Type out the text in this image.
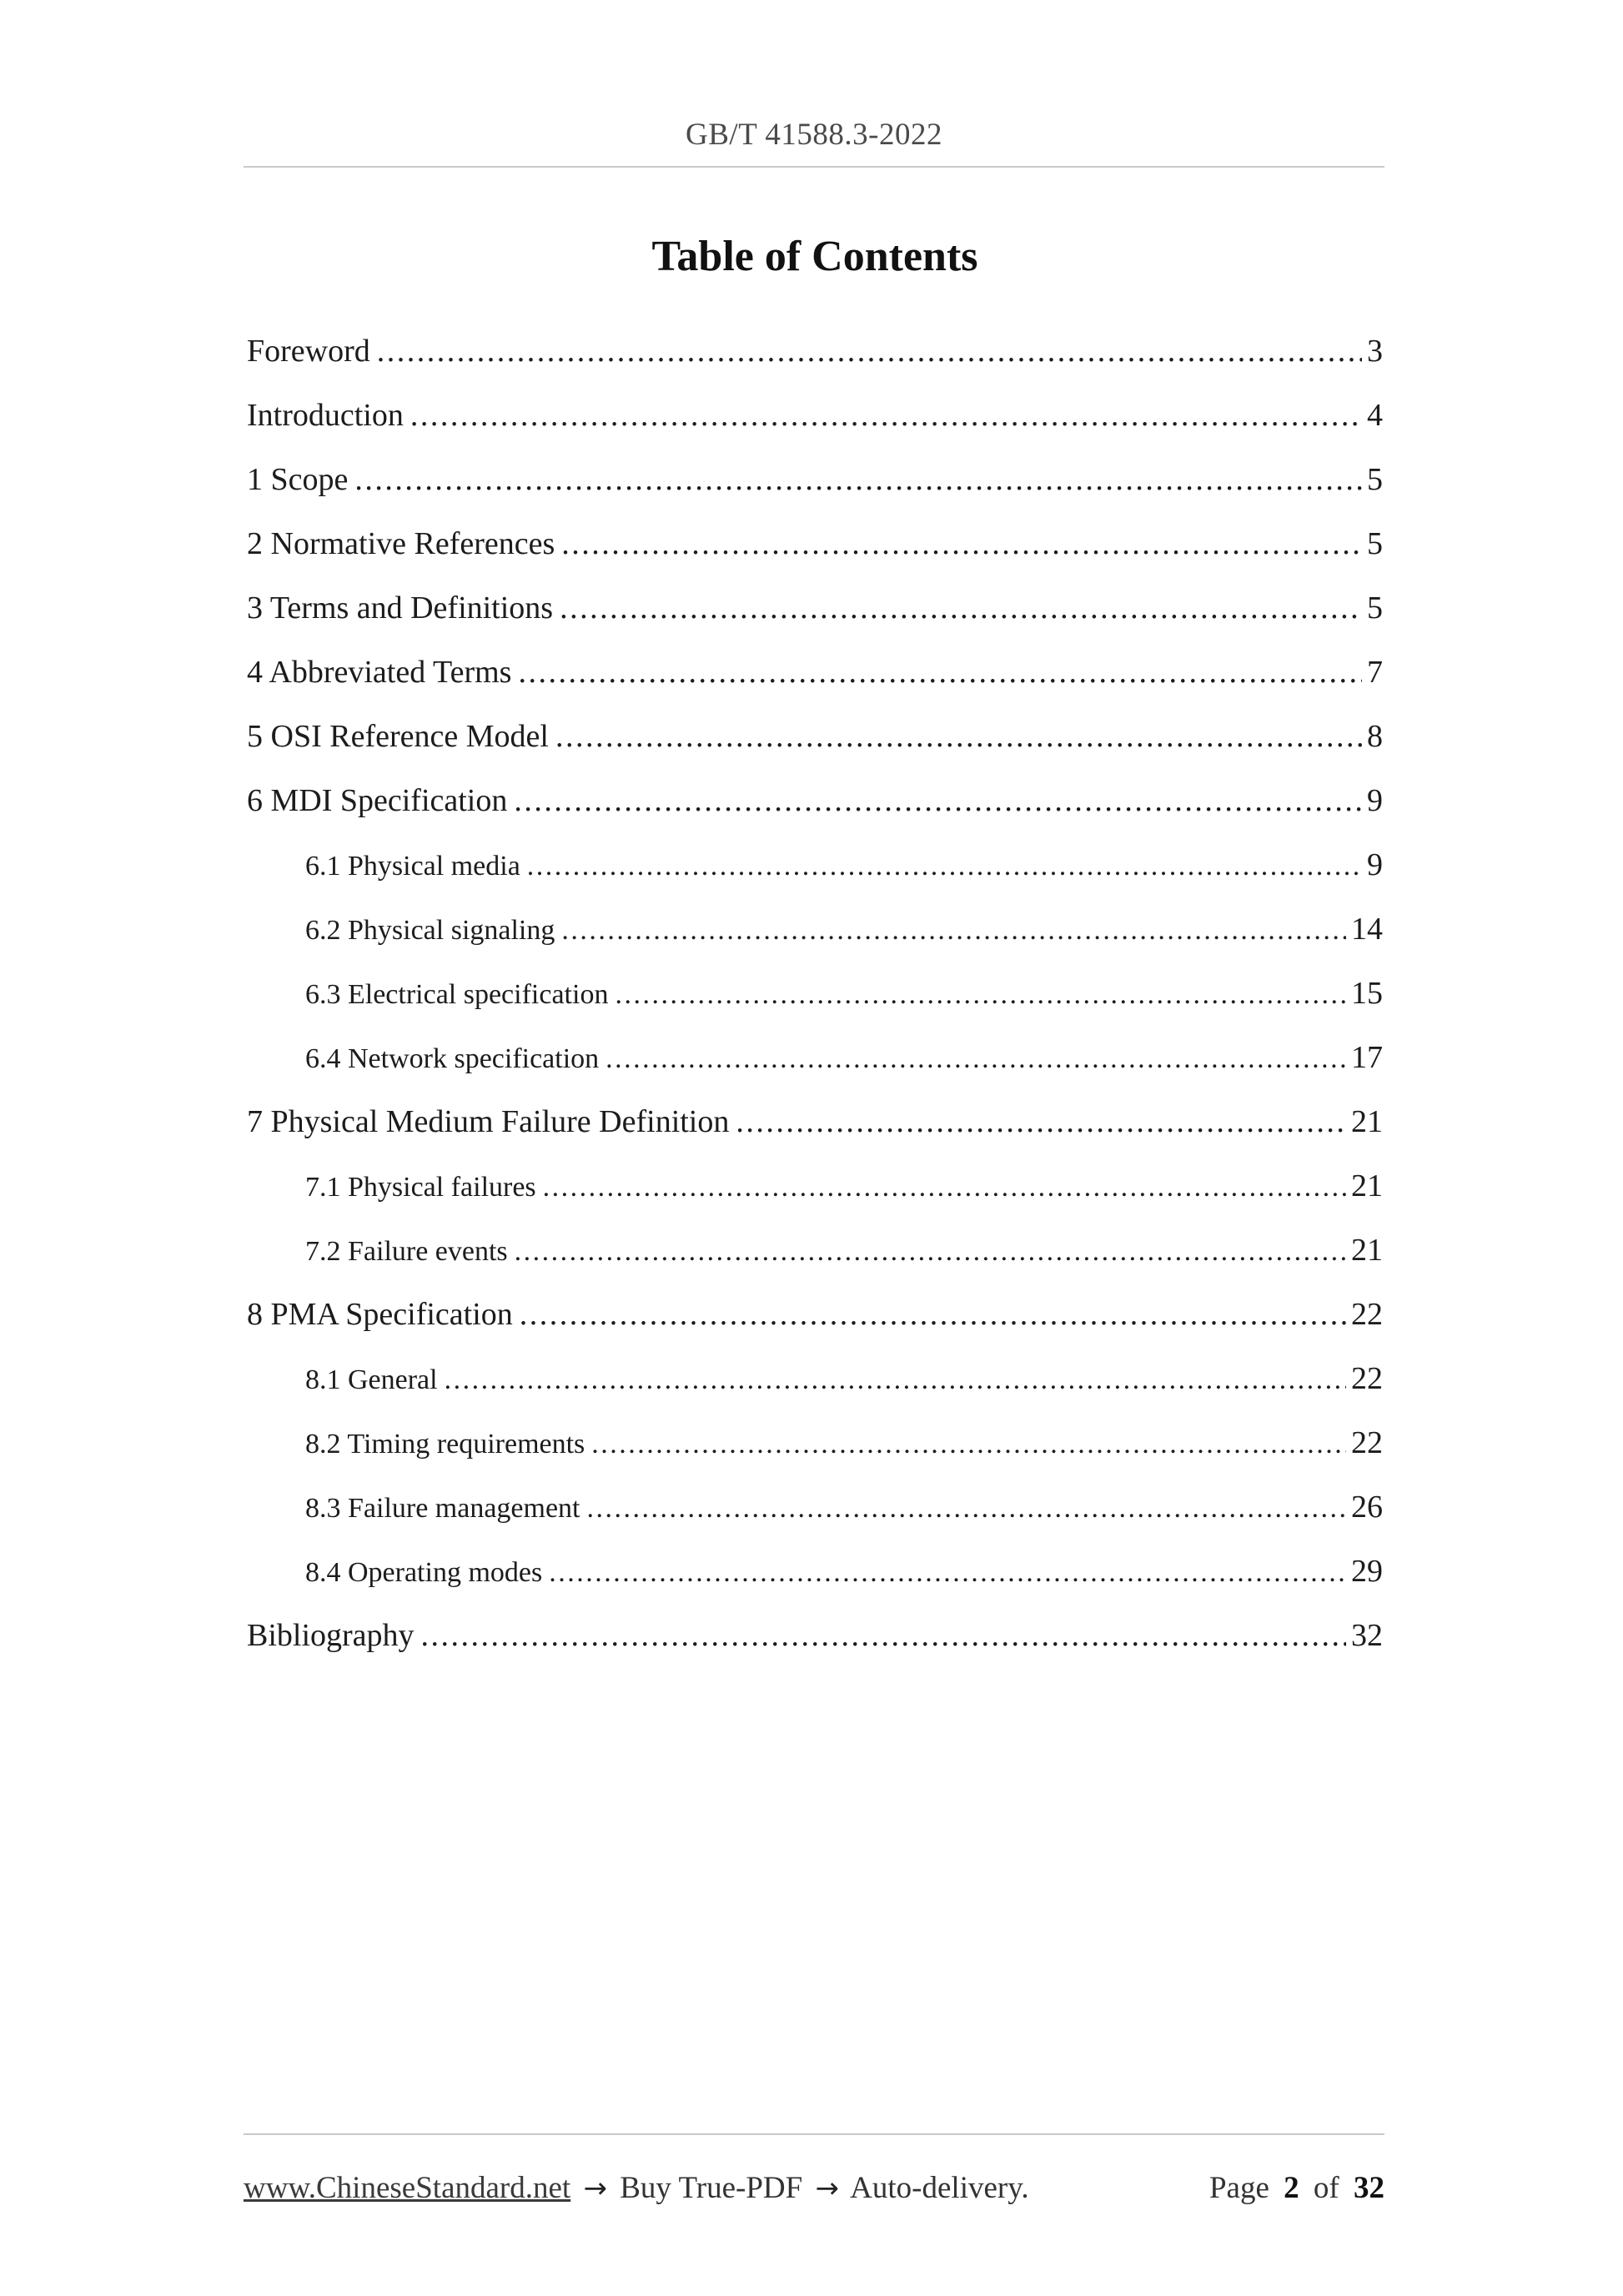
GB/T 41588.3-2022
Table of Contents
Foreword .....	3
Introduction .....	4
1 Scope .....	5
2 Normative References .....	5
3 Terms and Definitions .....	5
4 Abbreviated Terms .....	7
5 OSI Reference Model .....	8
6 MDI Specification .....	9
6.1 Physical media .....	9
6.2 Physical signaling .....	14
6.3 Electrical specification .....	15
6.4 Network specification .....	17
7 Physical Medium Failure Definition .....	21
7.1 Physical failures .....	21
7.2 Failure events .....	21
8 PMA Specification .....	22
8.1 General .....	22
8.2 Timing requirements .....	22
8.3 Failure management .....	26
8.4 Operating modes .....	29
Bibliography .....	32
www.ChineseStandard.net → Buy True-PDF → Auto-delivery.	Page 2 of 32
